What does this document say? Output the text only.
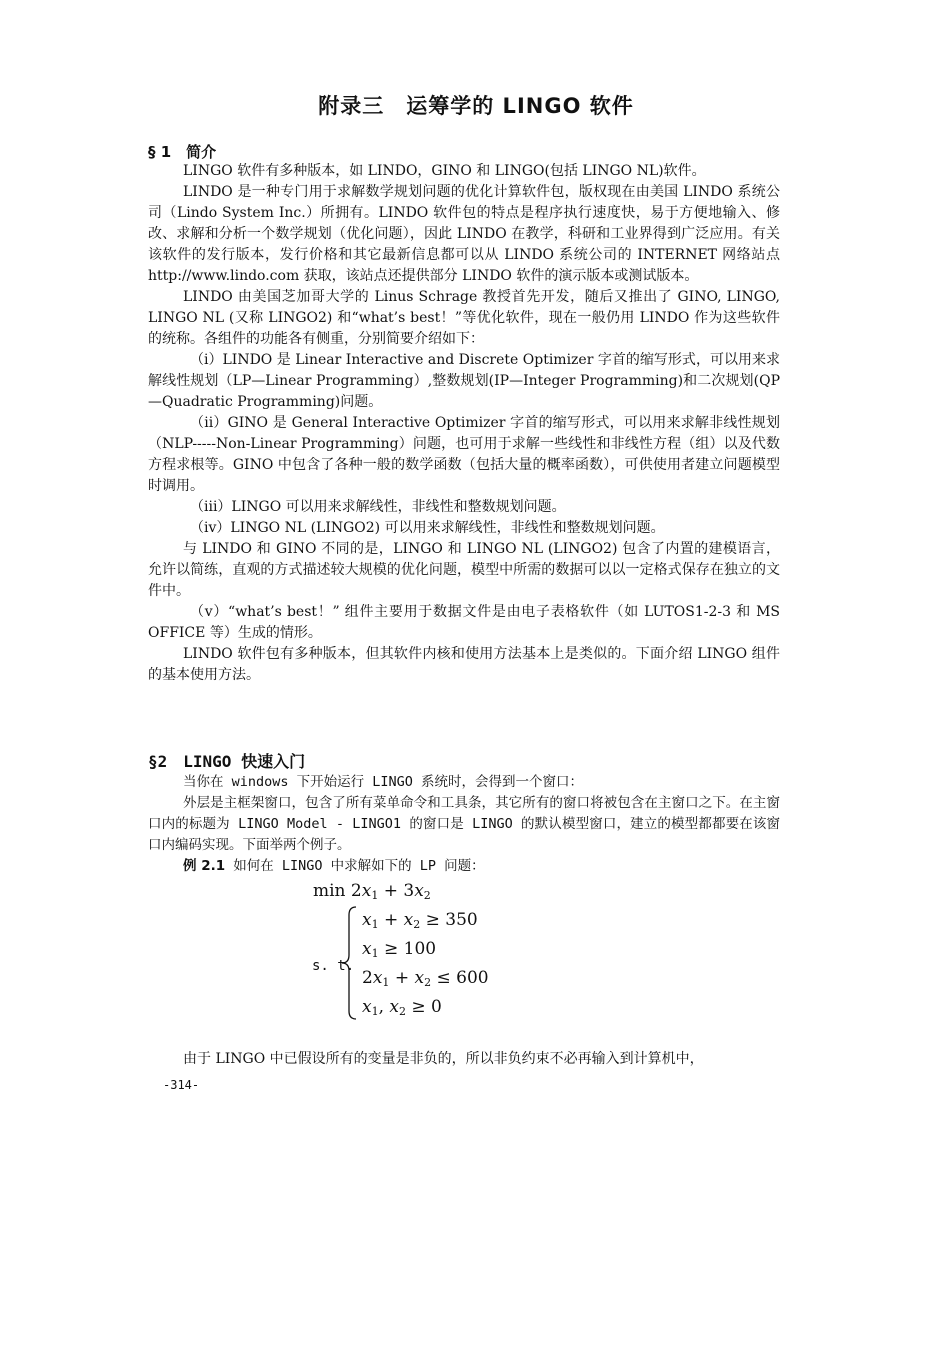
附录三　运筹学的 LINGO 软件
§ 1　简介

LINGO 软件有多种版本，如 LINDO，GINO 和 LINGO(包括 LINGO NL)软件。

LINDO 是一种专门用于求解数学规划问题的优化计算软件包，版权现在由美国 LINDO 系统公司（Lindo System Inc.）所拥有。LINDO 软件包的特点是程序执行速度快，易于方便地输入、修改、求解和分析一个数学规划（优化问题），因此 LINDO 在教学，科研和工业界得到广泛应用。有关该软件的发行版本，发行价格和其它最新信息都可以从 LINDO 系统公司的 INTERNET 网络站点 http://www.lindo.com 获取，该站点还提供部分 LINDO 软件的演示版本或测试版本。

LINDO 由美国芝加哥大学的 Linus Schrage 教授首先开发，随后又推出了 GINO, LINGO, LINGO NL (又称 LINGO2) 和“what’s best！”等优化软件，现在一般仍用 LINDO 作为这些软件的统称。各组件的功能各有侧重，分别简要介绍如下：

（i）LINDO 是 Linear Interactive and Discrete Optimizer 字首的缩写形式，可以用来求解线性规划（LP—Linear Programming）,整数规划(IP—Integer Programming)和二次规划(QP—Quadratic Programming)问题。

（ii）GINO 是 General Interactive Optimizer 字首的缩写形式，可以用来求解非线性规划（NLP-----Non-Linear Programming）问题，也可用于求解一些线性和非线性方程（组）以及代数方程求根等。GINO 中包含了各种一般的数学函数（包括大量的概率函数），可供使用者建立问题模型时调用。

（iii）LINGO 可以用来求解线性，非线性和整数规划问题。

（iv）LINGO NL (LINGO2) 可以用来求解线性，非线性和整数规划问题。

与 LINDO 和 GINO 不同的是，LINGO 和 LINGO NL (LINGO2) 包含了内置的建模语言，允许以简练，直观的方式描述较大规模的优化问题，模型中所需的数据可以以一定格式保存在独立的文件中。

（v）“what’s best！” 组件主要用于数据文件是由电子表格软件（如 LUTOS1-2-3 和 MS OFFICE 等）生成的情形。

LINDO 软件包有多种版本，但其软件内核和使用方法基本上是类似的。下面介绍 LINGO 组件的基本使用方法。

§2　LINGO 快速入门

当你在 windows 下开始运行 LINGO 系统时，会得到一个窗口：

外层是主框架窗口，包含了所有菜单命令和工具条，其它所有的窗口将被包含在主窗口之下。在主窗口内的标题为 LINGO Model - LINGO1 的窗口是 LINGO 的默认模型窗口，建立的模型都都要在该窗口内编码实现。下面举两个例子。

例 2.1 如何在 LINGO 中求解如下的 LP 问题：

$\min 2x_1 + 3x_2$
s. t.
$x_1 + x_2 \ge 350$
$x_1 \ge 100$
$2x_1 + x_2 \le 600$
$x_1$, $x_2 \ge 0$

由于 LINGO 中已假设所有的变量是非负的，所以非负约束不必再输入到计算机中，

-314-
